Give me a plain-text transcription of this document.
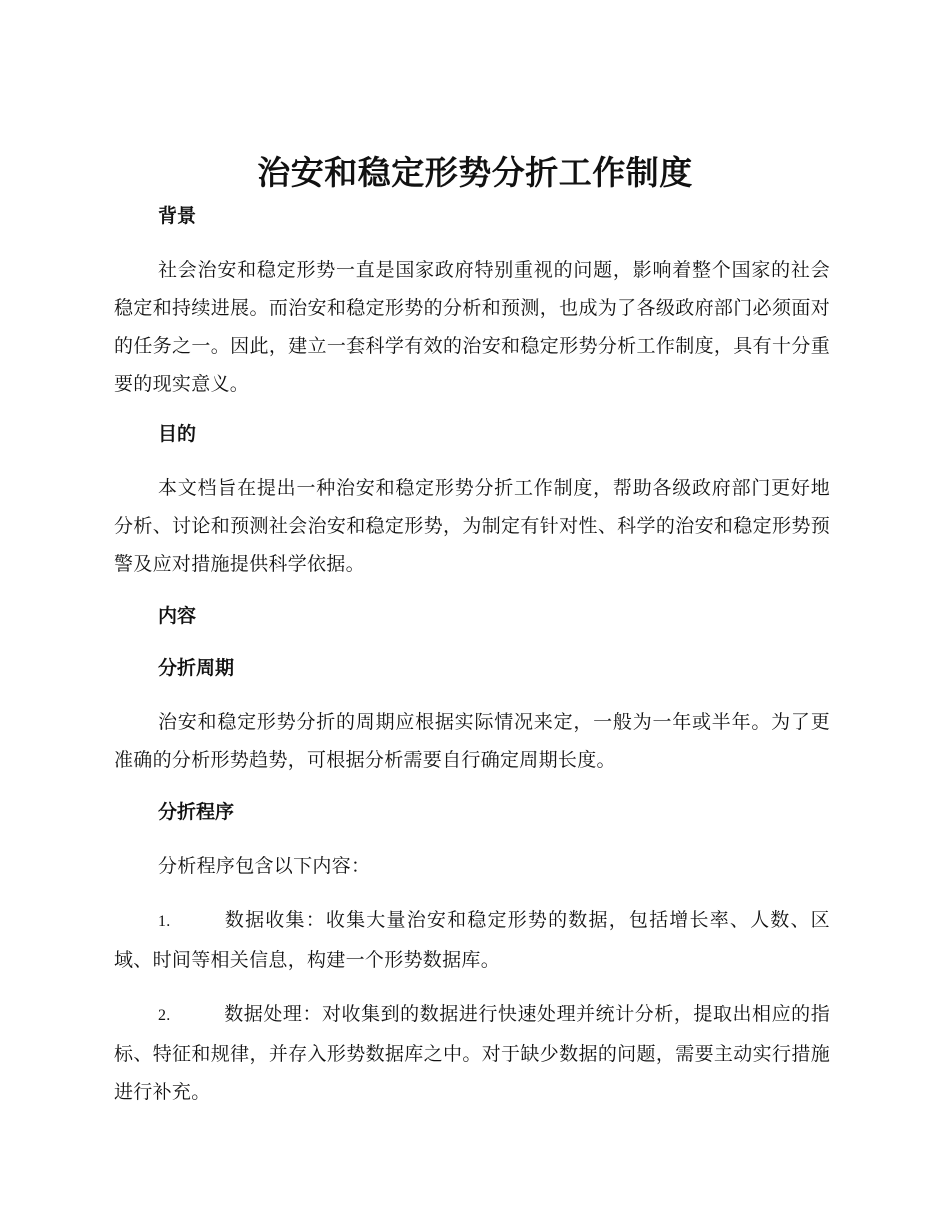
治安和稳定形势分折工作制度
背景

社会治安和稳定形势一直是国家政府特别重视的问题，影响着整个国家的社会稳定和持续进展。而治安和稳定形势的分析和预测，也成为了各级政府部门必须面对的任务之一。因此，建立一套科学有效的治安和稳定形势分析工作制度，具有十分重要的现实意义。

目的

本文档旨在提出一种治安和稳定形势分折工作制度，帮助各级政府部门更好地分析、讨论和预测社会治安和稳定形势，为制定有针对性、科学的治安和稳定形势预警及应对措施提供科学依据。

内容
分折周期

治安和稳定形势分折的周期应根据实际情况来定，一般为一年或半年。为了更准确的分析形势趋势，可根据分析需要自行确定周期长度。

分折程序

分析程序包含以下内容：

1.	数据收集：收集大量治安和稳定形势的数据，包括增长率、人数、区域、时间等相关信息，构建一个形势数据库。

2.	数据处理：对收集到的数据进行快速处理并统计分析，提取出相应的指标、特征和规律，并存入形势数据库之中。对于缺少数据的问题，需要主动实行措施进行补充。
